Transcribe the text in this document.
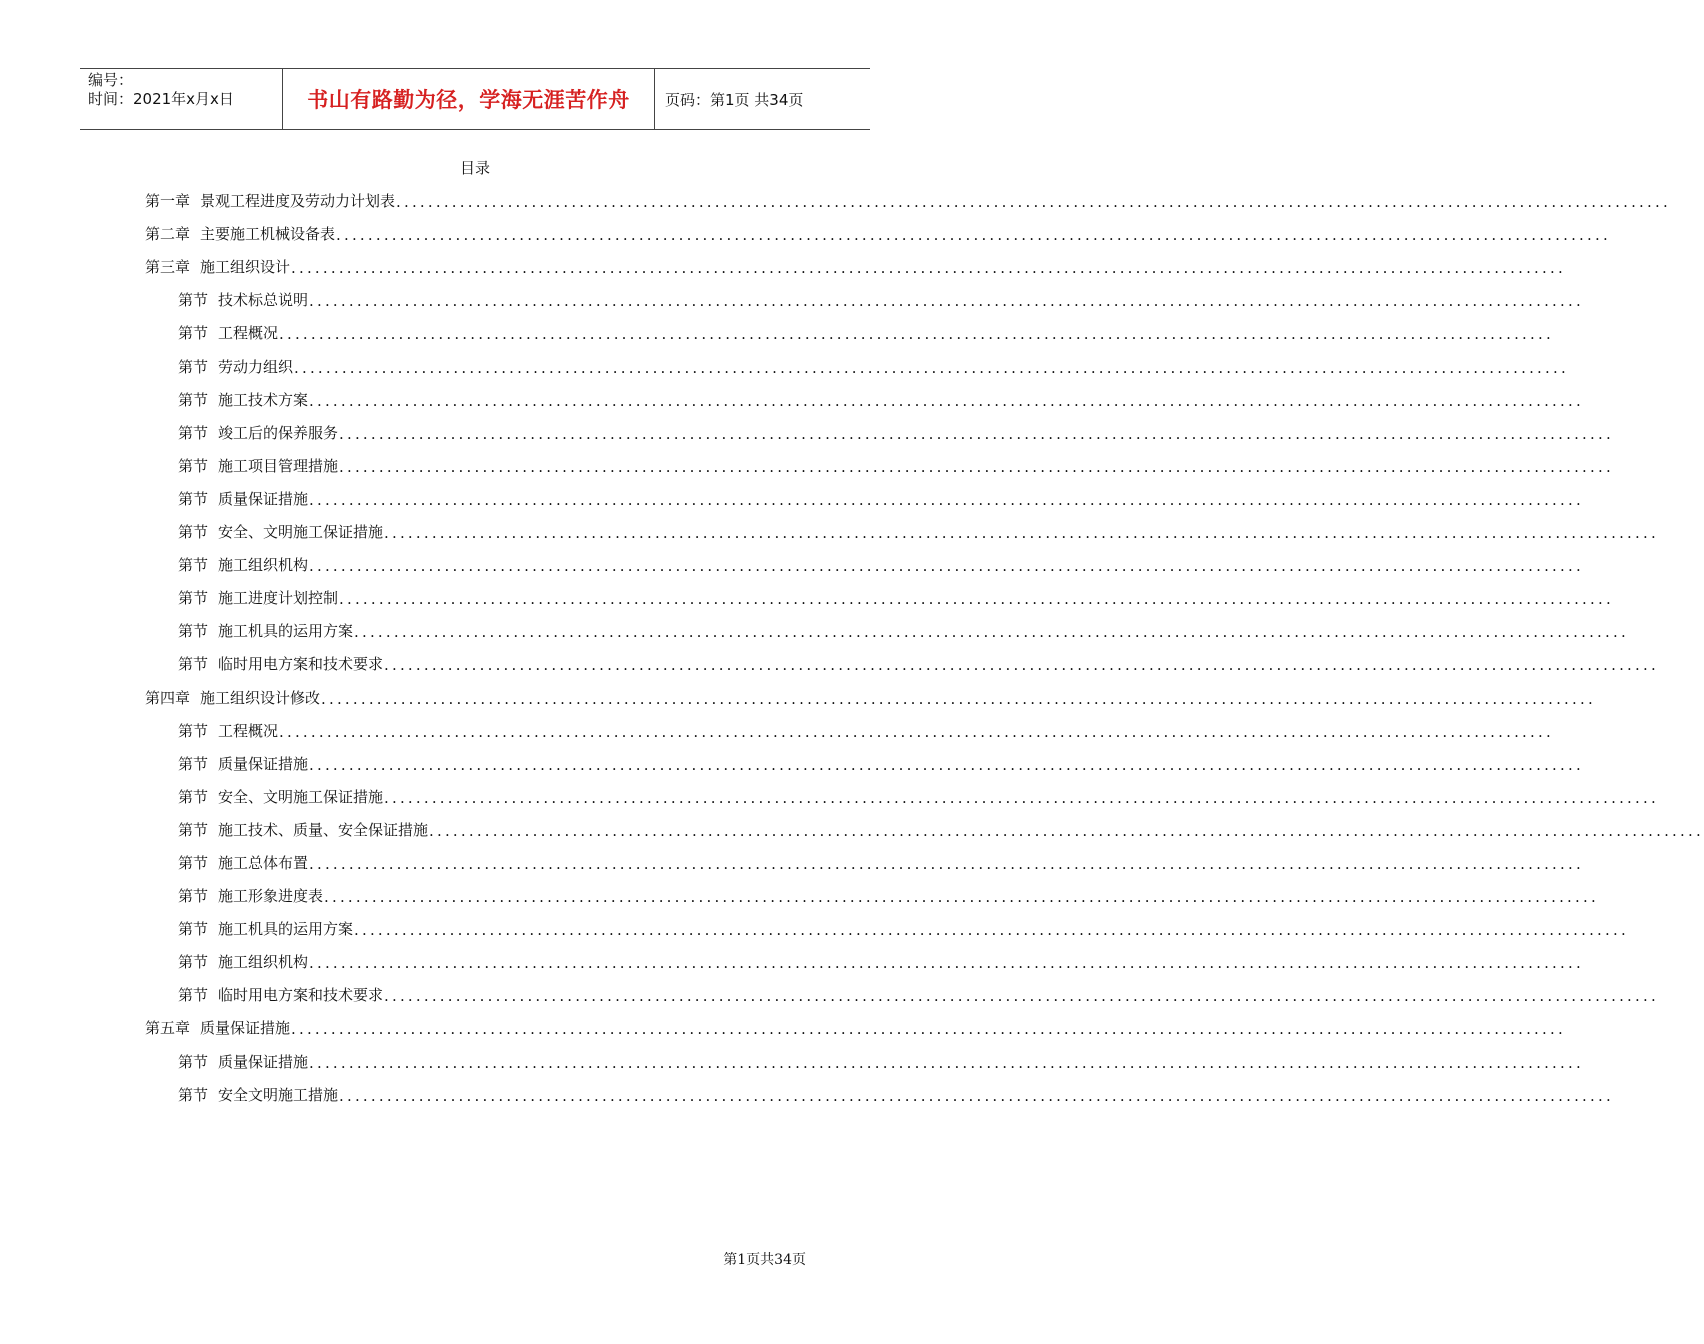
编号：
时间：2021年x月x日	书山有路勤为径，学海无涯苦作舟	页码：第1页 共34页
目录
第一章 景观工程进度及劳动力计划表 ................................................................................................................................................................
第二章 主要施工机械设备表 ................................................................................................................................................................
第三章 施工组织设计 ................................................................................................................................................................
第节 技术标总说明 ................................................................................................................................................................
第节 工程概况 ................................................................................................................................................................
第节 劳动力组织 ................................................................................................................................................................
第节 施工技术方案 ................................................................................................................................................................
第节 竣工后的保养服务 ................................................................................................................................................................
第节 施工项目管理措施 ................................................................................................................................................................
第节 质量保证措施 ................................................................................................................................................................
第节 安全、文明施工保证措施 ................................................................................................................................................................
第节 施工组织机构 ................................................................................................................................................................
第节 施工进度计划控制 ................................................................................................................................................................
第节 施工机具的运用方案 ................................................................................................................................................................
第节 临时用电方案和技术要求 ................................................................................................................................................................
第四章 施工组织设计修改 ................................................................................................................................................................
第节 工程概况 ................................................................................................................................................................
第节 质量保证措施 ................................................................................................................................................................
第节 安全、文明施工保证措施 ................................................................................................................................................................
第节 施工技术、质量、安全保证措施 ................................................................................................................................................................
第节 施工总体布置 ................................................................................................................................................................
第节 施工形象进度表 ................................................................................................................................................................
第节 施工机具的运用方案 ................................................................................................................................................................
第节 施工组织机构 ................................................................................................................................................................
第节 临时用电方案和技术要求 ................................................................................................................................................................
第五章 质量保证措施 ................................................................................................................................................................
第节 质量保证措施 ................................................................................................................................................................
第节 安全文明施工措施 ................................................................................................................................................................
第1页共34页
